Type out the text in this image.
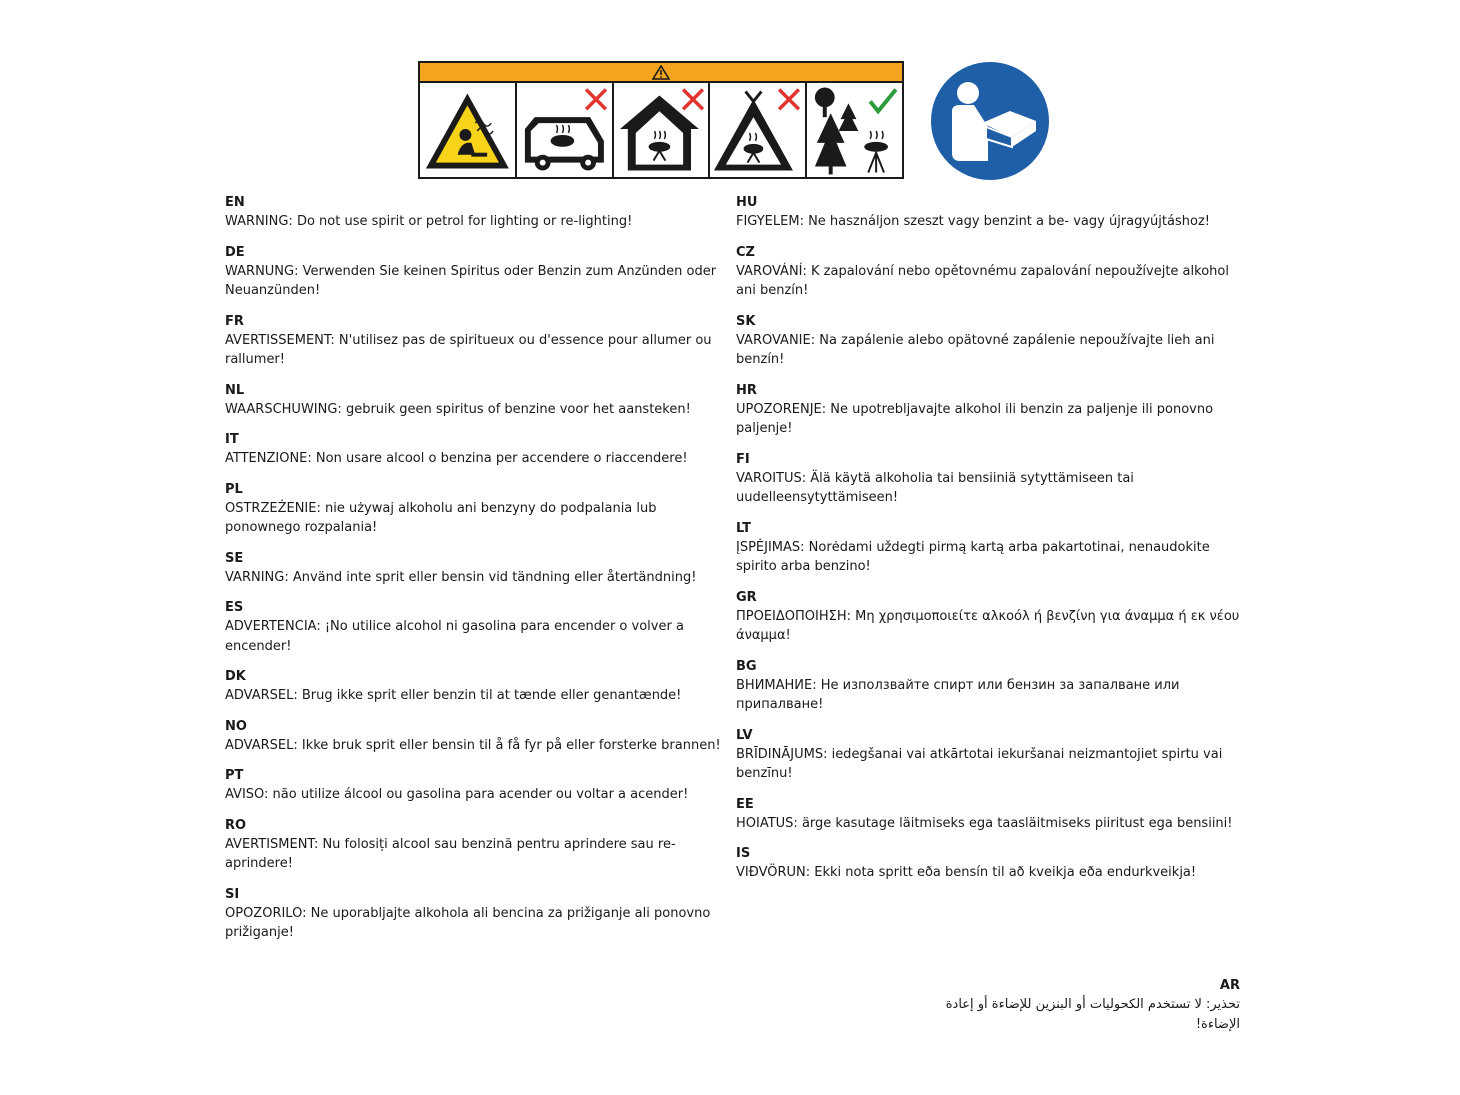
EN
WARNING: Do not use spirit or petrol for lighting or re-lighting!
DE
WARNUNG: Verwenden Sie keinen Spiritus oder Benzin zum Anzünden oder Neuanzünden!
FR
AVERTISSEMENT: N'utilisez pas de spiritueux ou d'essence pour allumer ou rallumer!
NL
WAARSCHUWING: gebruik geen spiritus of benzine voor het aansteken!
IT
ATTENZIONE: Non usare alcool o benzina per accendere o riaccendere!
PL
OSTRZEŻENIE: nie używaj alkoholu ani benzyny do podpalania lub ponownego rozpalania!
SE
VARNING: Använd inte sprit eller bensin vid tändning eller återtändning!
ES
ADVERTENCIA: ¡No utilice alcohol ni gasolina para encender o volver a encender!
DK
ADVARSEL: Brug ikke sprit eller benzin til at tænde eller genantænde!
NO
ADVARSEL: Ikke bruk sprit eller bensin til å få fyr på eller forsterke brannen!
PT
AVISO: não utilize álcool ou gasolina para acender ou voltar a acender!
RO
AVERTISMENT: Nu folosiți alcool sau benzină pentru aprindere sau re-aprindere!
SI
OPOZORILO: Ne uporabljajte alkohola ali bencina za prižiganje ali ponovno prižiganje!
HU
FIGYELEM: Ne használjon szeszt vagy benzint a be- vagy újragyújtáshoz!
CZ
VAROVÁNÍ: K zapalování nebo opětovnému zapalování nepoužívejte alkohol ani benzín!
SK
VAROVANIE: Na zapálenie alebo opätovné zapálenie nepoužívajte lieh ani benzín!
HR
UPOZORENJE: Ne upotrebljavajte alkohol ili benzin za paljenje ili ponovno paljenje!
FI
VAROITUS: Älä käytä alkoholia tai bensiiniä sytyttämiseen tai uudelleensytyttämiseen!
LT
ĮSPĖJIMAS: Norėdami uždegti pirmą kartą arba pakartotinai, nenaudokite spirito arba benzino!
GR
ΠΡΟΕΙΔΟΠΟΙΗΣΗ: Μη χρησιμοποιείτε αλκοόλ ή βενζίνη για άναμμα ή εκ νέου άναμμα!
BG
ВНИМАНИЕ: Не използвайте спирт или бензин за запалване или припалване!
LV
BRĪDINĀJUMS: iedegšanai vai atkārtotai iekuršanai neizmantojiet spirtu vai benzīnu!
EE
HOIATUS: ärge kasutage läitmiseks ega taasläitmiseks piiritust ega bensiini!
IS
VIÐVÖRUN: Ekki nota spritt eða bensín til að kveikja eða endurkveikja!
AR
تحذير: لا تستخدم الكحوليات أو البنزين للإضاءة أو إعادة الإضاءة!
